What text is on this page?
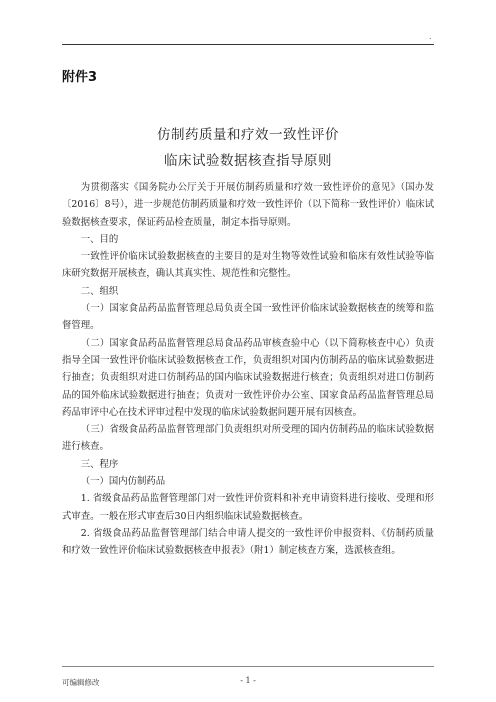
.
附件3
仿制药质量和疗效一致性评价
临床试验数据核查指导原则

为贯彻落实《国务院办公厅关于开展仿制药质量和疗效一致性评价的意见》（国办发〔2016〕8号），进一步规范仿制药质量和疗效一致性评价（以下简称一致性评价）临床试验数据核查要求，保证药品检查质量，制定本指导原则。

一、目的

一致性评价临床试验数据核查的主要目的是对生物等效性试验和临床有效性试验等临床研究数据开展核查，确认其真实性、规范性和完整性。

二、组织

（一）国家食品药品监督管理总局负责全国一致性评价临床试验数据核查的统筹和监督管理。

（二）国家食品药品监督管理总局食品药品审核查验中心（以下简称核查中心）负责指导全国一致性评价临床试验数据核查工作，负责组织对国内仿制药品的临床试验数据进行抽查；负责组织对进口仿制药品的国内临床试验数据进行核查；负责组织对进口仿制药品的国外临床试验数据进行抽查；负责对一致性评价办公室、国家食品药品监督管理总局药品审评中心在技术评审过程中发现的临床试验数据问题开展有因核查。

（三）省级食品药品监督管理部门负责组织对所受理的国内仿制药品的临床试验数据进行核查。

三、程序

（一）国内仿制药品

1. 省级食品药品监督管理部门对一致性评价资料和补充申请资料进行接收、受理和形式审查。一般在形式审查后30日内组织临床试验数据核查。

2. 省级食品药品监督管理部门结合申请人提交的一致性评价申报资料、《仿制药质量和疗效一致性评价临床试验数据核查申报表》（附1）制定核查方案，选派核查组。

可编辑修改	- 1 -
